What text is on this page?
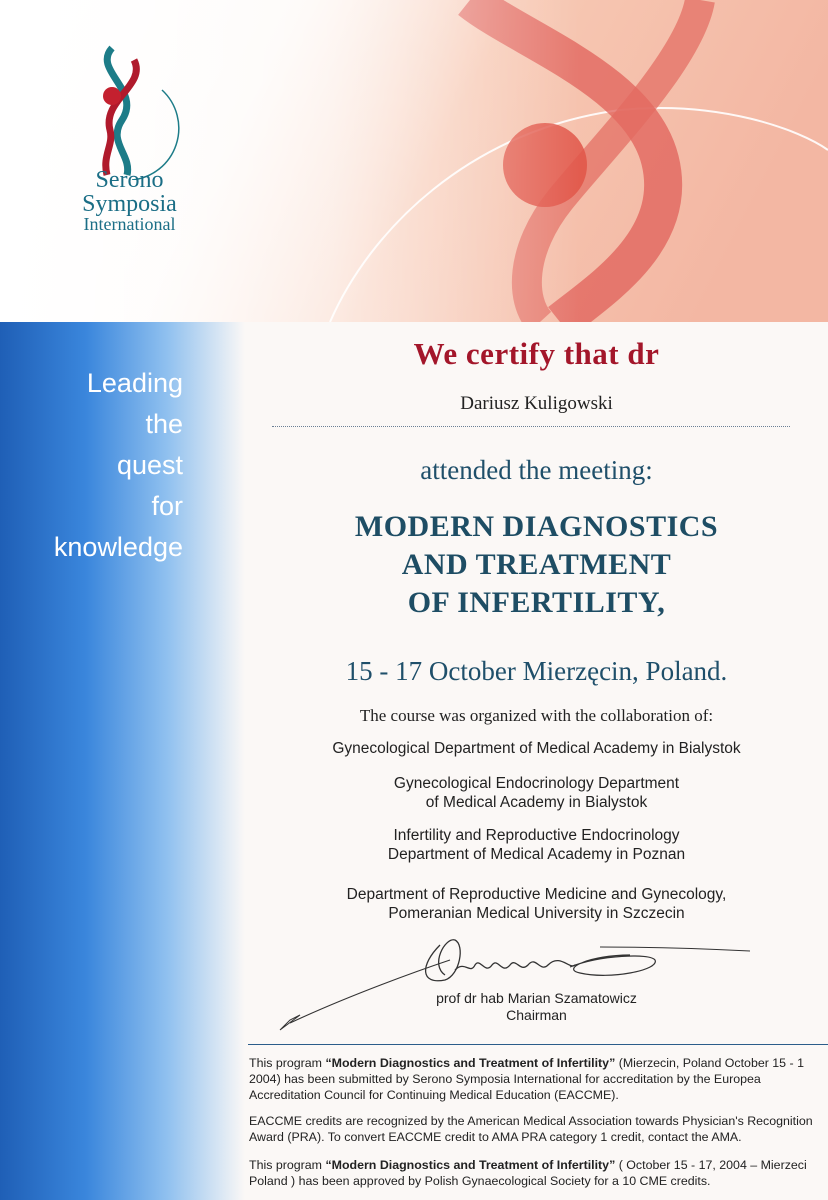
Serono
Symposia
International
Leading
the
quest
for
knowledge
We certify that dr
Dariusz Kuligowski
attended the meeting:
MODERN DIAGNOSTICS
AND TREATMENT
OF INFERTILITY,
15 - 17 October Mierzęcin, Poland.
The course was organized with the collaboration of:
Gynecological Department of Medical Academy in Bialystok
Gynecological Endocrinology Department
of Medical Academy in Bialystok
Infertility and Reproductive Endocrinology
Department of Medical Academy in Poznan
Department of Reproductive Medicine and Gynecology,
Pomeranian Medical University in Szczecin
prof dr hab Marian Szamatowicz
Chairman
This program “Modern Diagnostics and Treatment of Infertility” (Mierzecin, Poland October 15 - 1
2004) has been submitted by Serono Symposia International for accreditation by the Europea
Accreditation Council for Continuing Medical Education (EACCME).
EACCME credits are recognized by the American Medical Association towards Physician's Recognition
Award (PRA). To convert EACCME credit to AMA PRA category 1 credit, contact the AMA.
This program “Modern Diagnostics and Treatment of Infertility” ( October 15 - 17, 2004 – Mierzeci
Poland ) has been approved by Polish Gynaecological Society for a 10 CME credits.
